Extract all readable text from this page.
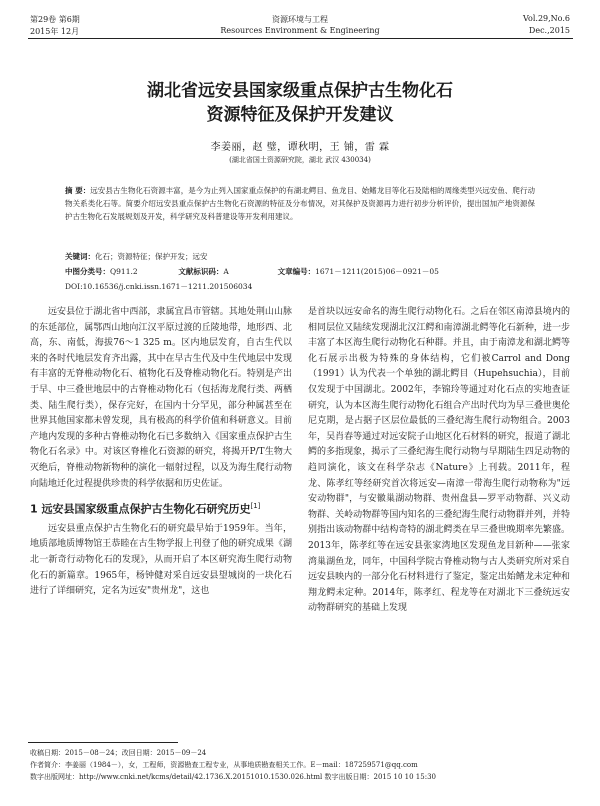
第29卷 第6期
2015年 12月
资源环境与工程
Resources Environment & Engineering
Vol.29,No.6
Dec.,2015
湖北省远安县国家级重点保护古生物化石
资源特征及保护开发建议
李姜丽，赵 璧，谭秋明，王 铺，雷 霖
(湖北省国土资源研究院，湖北 武汉 430034)
摘 要：远安县古生物化石资源丰富，是今为止列入国家重点保护的有湖北鳄目、鱼龙目、始鳍龙目等化石及陆相的周缘类型兴远安鱼、爬行动物关系类化石等。简要介绍远安县重点保护古生物化石资源的特征及分布情况，对其保护及资源再力进行初步分析评价，提出国加产地资源保护古生物化石发展规划及开发，科学研究及科普建设等开发利用建议。
关键词：化石；资源特征；保护开发；远安
中图分类号：Q911.2	文献标识码：A	文章编号：1671－1211(2015)06－0921－05
DOI:10.16536/j.cnki.issn.1671－1211.201506034

远安县位于湖北省中西部，隶属宜昌市管辖。其地处荆山山脉的东延部位，属鄂西山地向江汉平原过渡的丘陵地带，地形西、北高，东、南低，海拔76～1 325 m。区内地层发育，自古生代以来的各时代地层发育齐出露，其中在早古生代及中生代地层中发现有丰富的无脊椎动物化石、植物化石及脊椎动物化石。特别是产出于早、中三叠世地层中的古脊椎动物化石（包括海龙爬行类、两栖类、陆生爬行类），保存完好，在国内十分罕见，部分种属甚至在世界其他国家都未曾发现，具有极高的科学价值和科研意义。目前产地内发现的多种古脊椎动物化石已多数纳入《国家重点保护古生物化石名录》中。对该区脊椎化石资源的研究，将揭开P/T生物大灭绝后，脊椎动物新物种的演化一辐射过程，以及为海生爬行动物向陆地迁化过程提供珍贵的科学依据和历史佐证。

1 远安县国家级重点保护古生物化石研究历史[1]

远安县重点保护古生物化石的研究最早始于1959年。当年，地质部地质博物馆王恭睦在古生物学报上刊登了他的研究成果《湖北一新奇行动物化石的发现》，从而开启了本区研究海生爬行动物化石的新篇章。1965年，杨钟健对采自远安县望城岗的一块化石进行了详细研究，定名为远安"贵州龙"，这也

是首块以远安命名的海生爬行动物化石。之后在邻区南漳县境内的相同层位又陆续发现湖北汉江鳄和南漳湖北鳄等化石新种，进一步丰富了本区海生爬行动物化石种群。并且，由于南漳龙和湖北鳄等化石展示出极为特殊的身体结构，它们被Carrol and Dong（1991）认为代表一个单独的湖北鳄目（Hupehsuchia），目前仅发现于中国湖北。2002年，李锦玲等通过对化石点的实地查证研究，认为本区海生爬行动物化石组合产出时代均为早三叠世奥伦尼克期，是占据子区层位最低的三叠纪海生爬行动物组合。2003年，吴肖春等通过对远安院子山地区化石材料的研究，报道了湖北鳄的多指现象，揭示了三叠纪海生爬行动物与早期陆生四足动物的趋同演化，该文在科学杂志《Nature》上刊载。2011年，程龙、陈孝红等经研究首次将远安—南漳一带海生爬行动物称为"远安动物群"，与安徽巢湖动物群、贵州盘县—罗平动物群、兴义动物群、关岭动物群等国内知名的三叠纪海生爬行动物群并列，并特别指出该动物群中结构奇特的湖北鳄类在早三叠世晚期率先繁盛。2013年，陈孝红等在远安县张家湾地区发现鱼龙目新种——张家湾巢湖鱼龙，同年，中国科学院古脊椎动物与古人类研究所对采自远安县映内的一部分化石材料进行了鉴定，鉴定出始鳍龙未定种和翔龙鳄未定种。2014年，陈孝红、程龙等在对湖北下三叠统远安动物群研究的基础上发现

收稿日期：2015－08－24；改回日期：2015－09－24
作者简介：李姜丽（1984－），女，工程师，资源勘查工程专业，从事地质勘查相关工作。E－mail：187259571@qq.com
数字出版网址：http://www.cnki.net/kcms/detail/42.1736.X.20151010.1530.026.html 数字出版日期：2015 10 10 15:30
